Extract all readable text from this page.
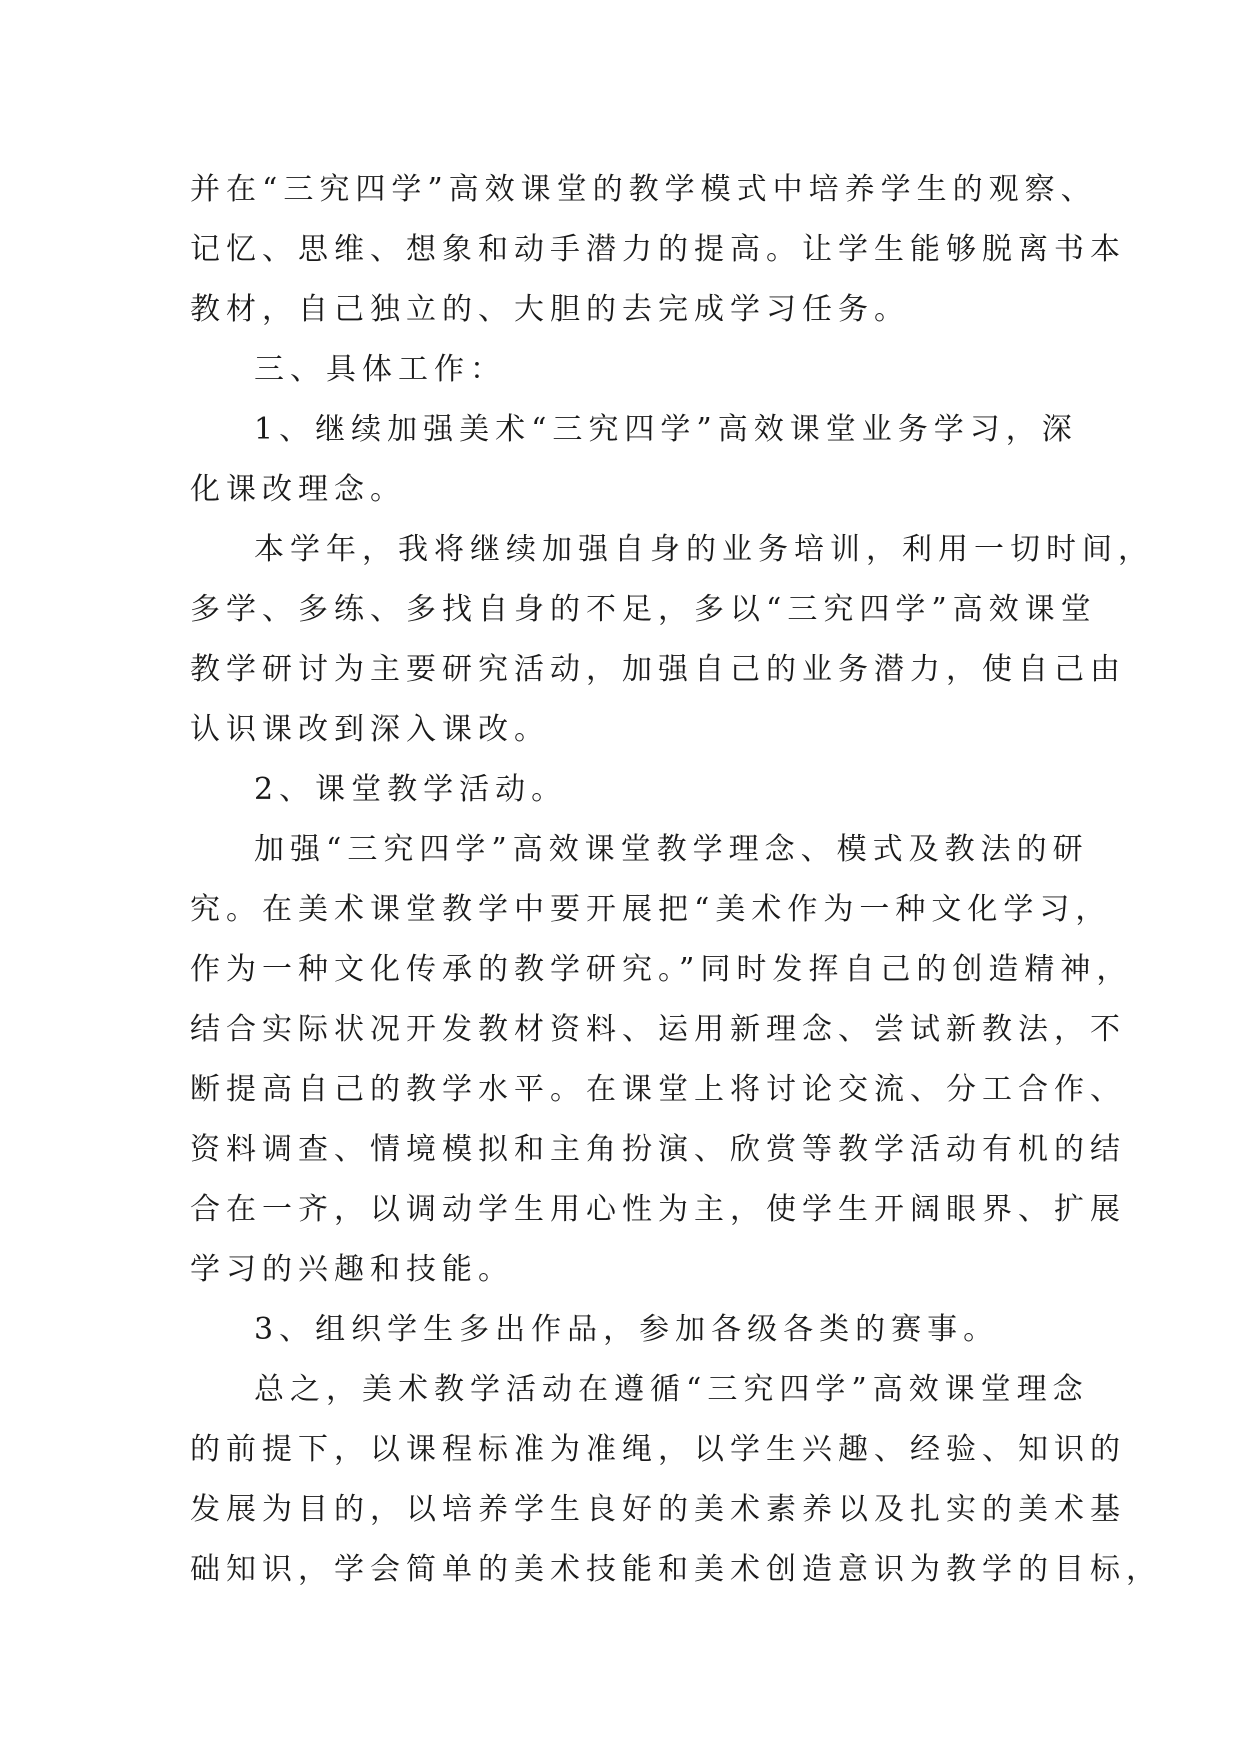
并在“三究四学”高效课堂的教学模式中培养学生的观察、
记忆、思维、想象和动手潜力的提高。让学生能够脱离书本
教材，自己独立的、大胆的去完成学习任务。
三、具体工作：
1、继续加强美术“三究四学”高效课堂业务学习，深
化课改理念。
本学年，我将继续加强自身的业务培训，利用一切时间，
多学、多练、多找自身的不足，多以“三究四学”高效课堂
教学研讨为主要研究活动，加强自己的业务潜力，使自己由
认识课改到深入课改。
2、课堂教学活动。
加强“三究四学”高效课堂教学理念、模式及教法的研
究。在美术课堂教学中要开展把“美术作为一种文化学习，
作为一种文化传承的教学研究。”同时发挥自己的创造精神，
结合实际状况开发教材资料、运用新理念、尝试新教法，不
断提高自己的教学水平。在课堂上将讨论交流、分工合作、
资料调查、情境模拟和主角扮演、欣赏等教学活动有机的结
合在一齐，以调动学生用心性为主，使学生开阔眼界、扩展
学习的兴趣和技能。
3、组织学生多出作品，参加各级各类的赛事。
总之，美术教学活动在遵循“三究四学”高效课堂理念
的前提下，以课程标准为准绳，以学生兴趣、经验、知识的
发展为目的，以培养学生良好的美术素养以及扎实的美术基
础知识，学会简单的美术技能和美术创造意识为教学的目标，
